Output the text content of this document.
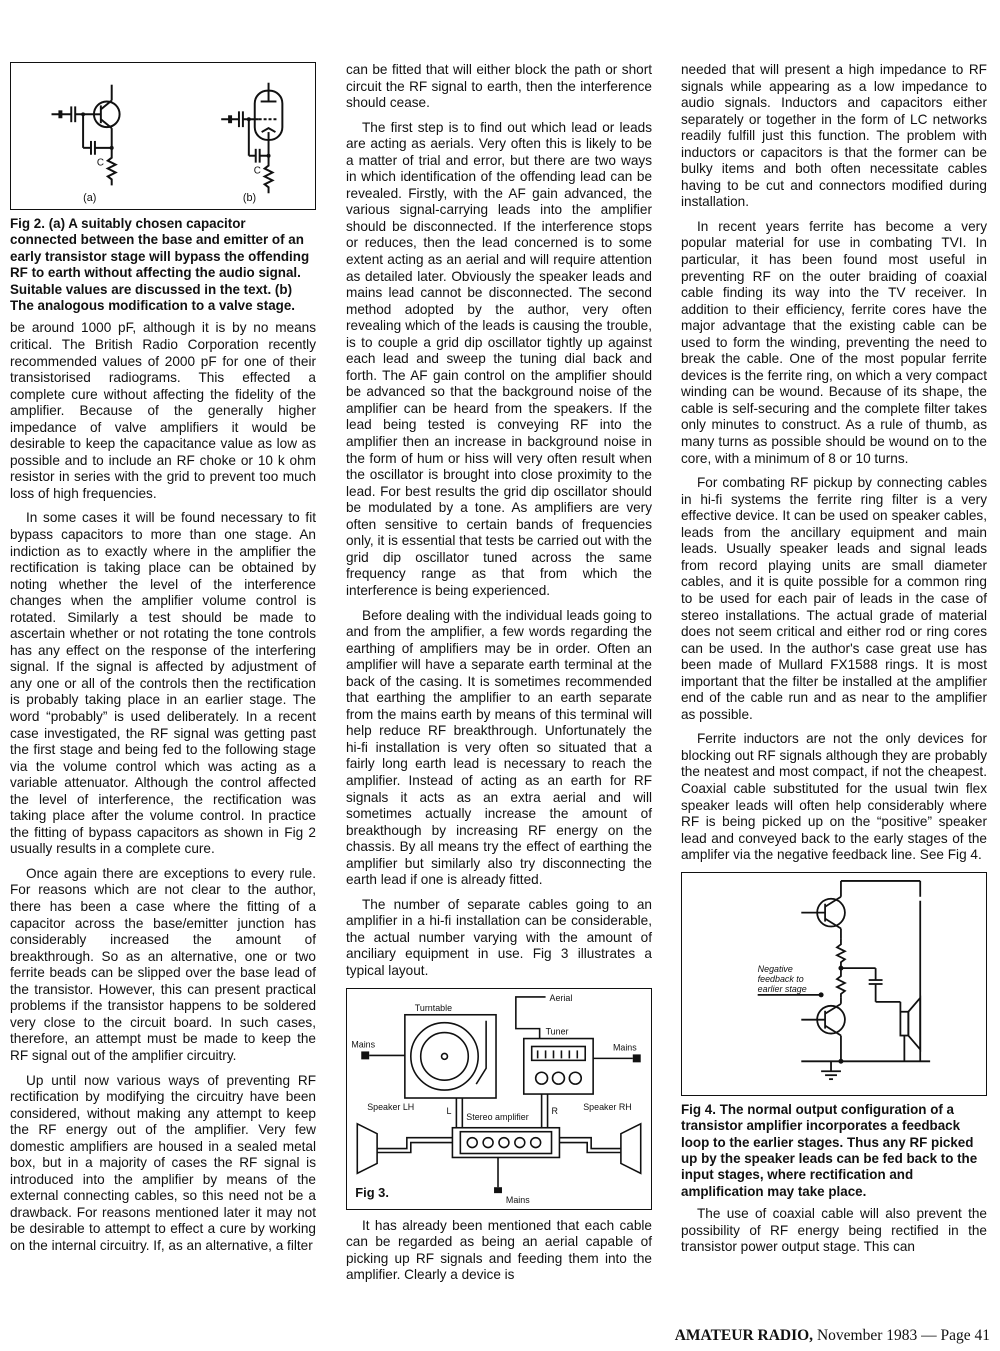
C
C
(a)	(b)

Fig 2. (a) A suitably chosen capacitor connected between the base and emitter of an early transistor stage will bypass the offending RF to earth without affecting the audio signal. Suitable values are discussed in the text. (b) The analogous modification to a valve stage.

be around 1000 pF, although it is by no means critical. The British Radio Corporation recently recommended values of 2000 pF for one of their transistorised radiograms. This effected a complete cure without affecting the fidelity of the amplifier. Because of the generally higher impedance of valve amplifiers it would be desirable to keep the capacitance value as low as possible and to include an RF choke or 10 k ohm resistor in series with the grid to prevent too much loss of high frequencies.

In some cases it will be found necessary to fit bypass capacitors to more than one stage. An indiction as to exactly where in the amplifier the rectification is taking place can be obtained by noting whether the level of the interference changes when the amplifier volume control is rotated. Similarly a test should be made to ascertain whether or not rotating the tone controls has any effect on the response of the interfering signal. If the signal is affected by adjustment of any one or all of the controls then the rectification is probably taking place in an earlier stage. The word “probably” is used deliberately. In a recent case investigated, the RF signal was getting past the first stage and being fed to the following stage via the volume control which was acting as a variable attenuator. Although the control affected the level of interference, the rectification was taking place after the volume control. In practice the fitting of bypass capacitors as shown in Fig 2 usually results in a complete cure.

Once again there are exceptions to every rule. For reasons which are not clear to the author, there has been a case where the fitting of a capacitor across the base/emitter junction has considerably increased the amount of breakthrough. So as an alternative, one or two ferrite beads can be slipped over the base lead of the transistor. However, this can present practical problems if the transistor happens to be soldered very close to the circuit board. In such cases, therefore, an attempt must be made to keep the RF signal out of the amplifier circuitry.

Up until now various ways of preventing RF rectification by modifying the circuitry have been considered, without making any attempt to keep the RF energy out of the amplifier. Very few domestic amplifiers are housed in a sealed metal box, but in a majority of cases the RF signal is introduced into the amplifier by means of the external connecting cables, so this need not be a drawback. For reasons mentioned later it may not be desirable to attempt to effect a cure by working on the internal circuitry. If, as an alternative, a filter

can be fitted that will either block the path or short circuit the RF signal to earth, then the interference should cease.

The first step is to find out which lead or leads are acting as aerials. Very often this is likely to be a matter of trial and error, but there are two ways in which identification of the offending lead can be revealed. Firstly, with the AF gain advanced, the various signal-carrying leads into the amplifier should be disconnected. If the interference stops or reduces, then the lead concerned is to some extent acting as an aerial and will require attention as detailed later. Obviously the speaker leads and mains lead cannot be disconnected. The second method adopted by the author, very often revealing which of the leads is causing the trouble, is to couple a grid dip oscillator tightly up against each lead and sweep the tuning dial back and forth. The AF gain control on the amplifier should be advanced so that the background noise of the amplifier can be heard from the speakers. If the lead being tested is conveying RF into the amplifier then an increase in background noise in the form of hum or hiss will very often result when the oscillator is brought into close proximity to the lead. For best results the grid dip oscillator should be modulated by a tone. As amplifiers are very often sensitive to certain bands of frequencies only, it is essential that tests be carried out with the grid dip oscillator tuned across the same frequency range as that from which the interference is being experienced.

Before dealing with the individual leads going to and from the amplifier, a few words regarding the earthing of amplifiers may be in order. Often an amplifier will have a separate earth terminal at the back of the casing. It is sometimes recommended that earthing the amplifier to an earth separate from the mains earth by means of this terminal will help reduce RF breakthrough. Unfortunately the hi-fi installation is very often so situated that a fairly long earth lead is necessary to reach the amplifier. Instead of acting as an earth for RF signals it acts as an extra aerial and will sometimes actually increase the amount of breakthough by increasing RF energy on the chassis. By all means try the effect of earthing the amplifier but similarly also try disconnecting the earth lead if one is already fitted.

The number of separate cables going to an amplifier in a hi-fi installation can be considerable, the actual number varying with the amount of anciliary equipment in use. Fig 3 illustrates a typical layout.

Aerial
Turntable
Tuner
Mains	Mains
Mains
Stereo amplifier
Speaker LH	Speaker RH
L	R
Fig 3.

It has already been mentioned that each cable can be regarded as being an aerial capable of picking up RF signals and feeding them into the amplifier. Clearly a device is

needed that will present a high impedance to RF signals while appearing as a low impedance to audio signals. Inductors and capacitors either separately or together in the form of LC networks readily fulfill just this function. The problem with inductors or capacitors is that the former can be bulky items and both often necessitate cables having to be cut and connectors modified during installation.

In recent years ferrite has become a very popular material for use in combating TVI. In particular, it has been found most useful in preventing RF on the outer braiding of coaxial cable finding its way into the TV receiver. In addition to their efficiency, ferrite cores have the major advantage that the existing cable can be used to form the winding, preventing the need to break the cable. One of the most popular ferrite devices is the ferrite ring, on which a very compact winding can be wound. Because of its shape, the cable is self-securing and the complete filter takes only minutes to construct. As a rule of thumb, as many turns as possible should be wound on to the core, with a minimum of 8 or 10 turns.

For combating RF pickup by connecting cables in hi-fi systems the ferrite ring filter is a very effective device. It can be used on speaker cables, leads from the ancillary equipment and main leads. Usually speaker leads and signal leads from record playing units are small diameter cables, and it is quite possible for a common ring to be used for each pair of leads in the case of stereo installations. The actual grade of material does not seem critical and either rod or ring cores can be used. In the author's case great use has been made of Mullard FX1588 rings. It is most important that the filter be installed at the amplifier end of the cable run and as near to the amplifier as possible.

Ferrite inductors are not the only devices for blocking out RF signals although they are probably the neatest and most compact, if not the cheapest. Coaxial cable substituted for the usual twin flex speaker leads will often help considerably where RF is being picked up on the “positive” speaker lead and conveyed back to the early stages of the amplifer via the negative feedback line. See Fig 4.

Negative feedback to earlier stage

Fig 4. The normal output configuration of a transistor amplifier incorporates a feedback loop to the earlier stages. Thus any RF picked up by the speaker leads can be fed back to the input stages, where rectification and amplification may take place.

The use of coaxial cable will also prevent the possibility of RF energy being rectified in the transistor power output stage. This can

AMATEUR RADIO, November 1983 — Page 41
